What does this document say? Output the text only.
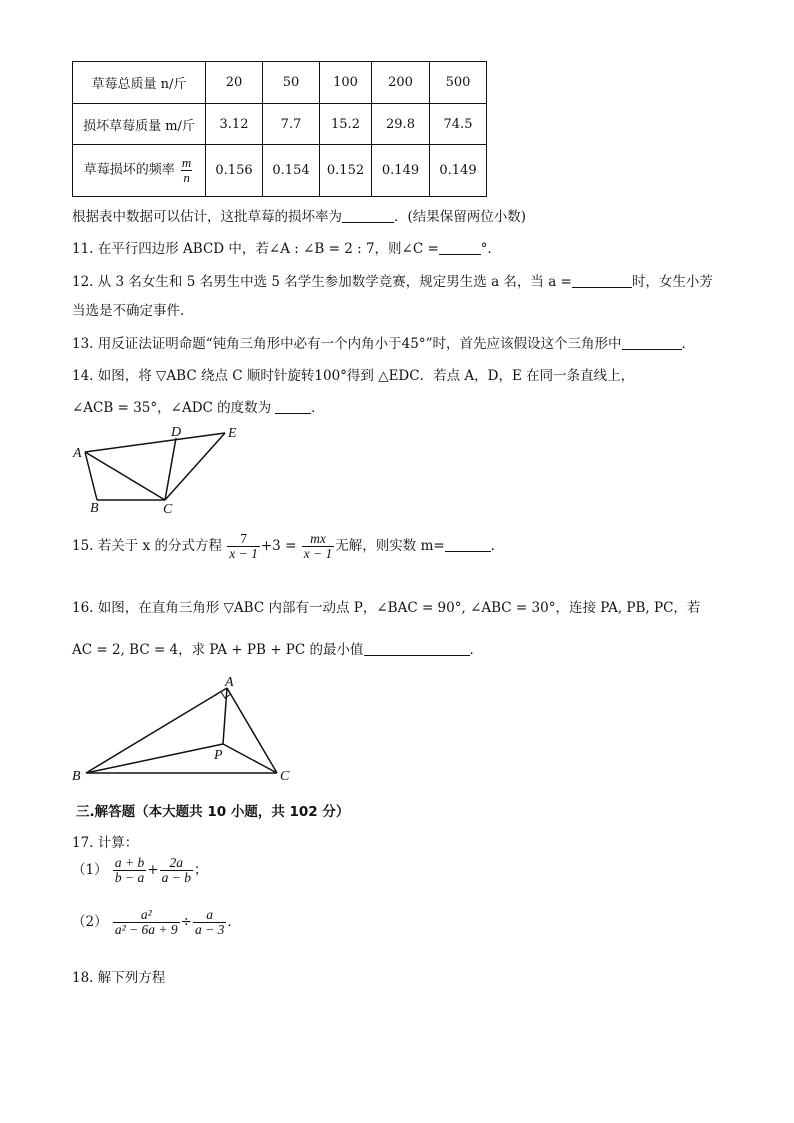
草莓总质量 n/斤	20	50	100	200	500
损坏草莓质量 m/斤	3.12	7.7	15.2	29.8	74.5
草莓损坏的频率 $\frac{m}{n}$	0.156	0.154	0.152	0.149	0.149
根据表中数据可以估计，这批草莓的损坏率为	．(结果保留两位小数)
11. 在平行四边形 ABCD 中，若∠A : ∠B = 2 : 7，则∠C =	°．
12. 从 3 名女生和 5 名男生中选 5 名学生参加数学竞赛，规定男生选 a 名，当 a =	时，女生小芳
当选是不确定事件．
13. 用反证法证明命题“钝角三角形中必有一个内角小于45°”时，首先应该假设这个三角形中	．
14. 如图，将 ▽ABC 绕点 C 顺时针旋转100°得到 △EDC．若点 A，D，E 在同一条直线上，
∠ACB = 35°，∠ADC 的度数为	．
A
B	C
D	E
15. 若关于 x 的分式方程 $\frac{7}{x - 1} +3 = \frac{mx}{x - 1}$ 无解，则实数 m=	．
16. 如图，在直角三角形 ▽ABC 内部有一动点 P，∠BAC = 90°, ∠ABC = 30°，连接 PA, PB, PC，若
AC = 2, BC = 4，求 PA + PB + PC 的最小值	．
A
B	C
P
三.解答题（本大题共 10 小题，共 102 分）
17. 计算：
$(1) \frac{a + b}{b - a} + \frac{2a}{a - b}$ ；
$(2) \frac{\text{a²}}{\text{a² − 6a + 9}} \div \frac{a}{a - 3}$ ．
18. 解下列方程
